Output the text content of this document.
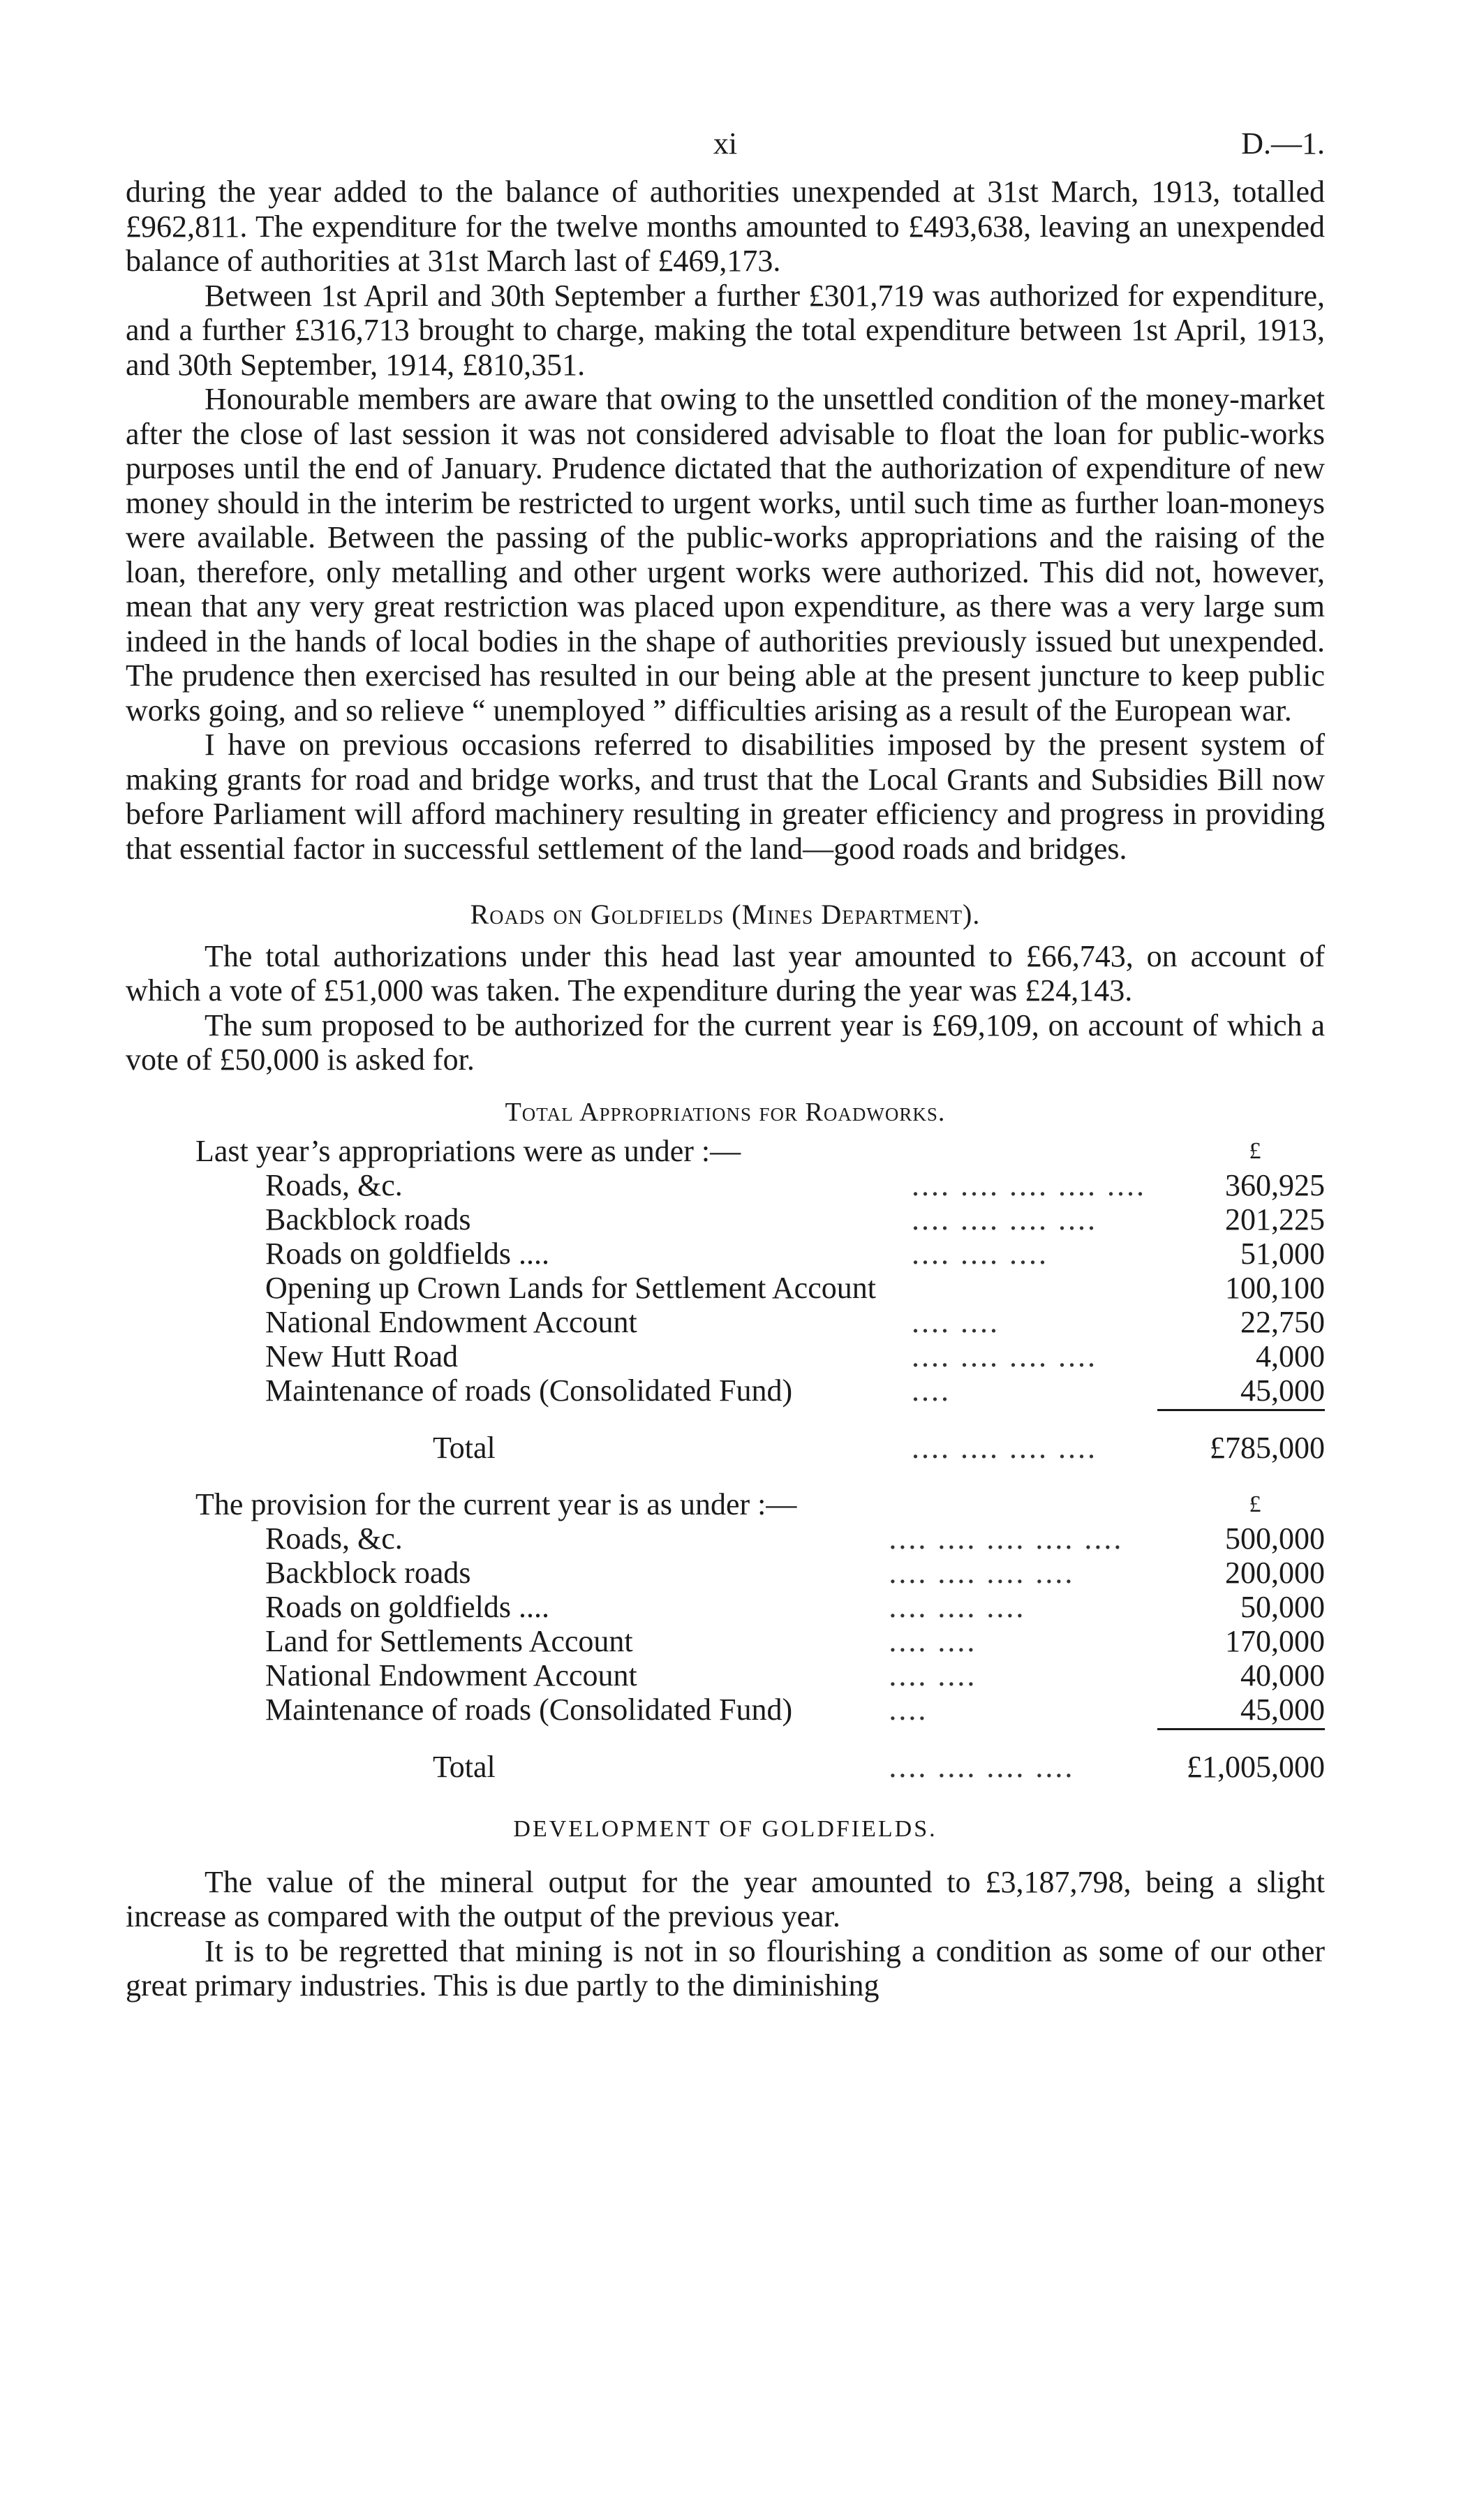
xi	D.—1.

during the year added to the balance of authorities unexpended at 31st March, 1913, totalled £962,811. The expenditure for the twelve months amounted to £493,638, leaving an unexpended balance of authorities at 31st March last of £469,173.

Between 1st April and 30th September a further £301,719 was authorized for expenditure, and a further £316,713 brought to charge, making the total expenditure between 1st April, 1913, and 30th September, 1914, £810,351.

Honourable members are aware that owing to the unsettled condition of the money-market after the close of last session it was not considered advisable to float the loan for public-works purposes until the end of January. Prudence dictated that the authorization of expenditure of new money should in the interim be restricted to urgent works, until such time as further loan-moneys were available. Between the passing of the public-works appropriations and the raising of the loan, therefore, only metalling and other urgent works were authorized. This did not, however, mean that any very great restriction was placed upon expenditure, as there was a very large sum indeed in the hands of local bodies in the shape of authorities previously issued but unexpended. The prudence then exercised has resulted in our being able at the present juncture to keep public works going, and so relieve “ unemployed ” difficulties arising as a result of the European war.

I have on previous occasions referred to disabilities imposed by the present system of making grants for road and bridge works, and trust that the Local Grants and Subsidies Bill now before Parliament will afford machinery resulting in greater efficiency and progress in providing that essential factor in successful settlement of the land—good roads and bridges.

Roads on Goldfields (Mines Department).

The total authorizations under this head last year amounted to £66,743, on account of which a vote of £51,000 was taken. The expenditure during the year was £24,143.

The sum proposed to be authorized for the current year is £69,109, on account of which a vote of £50,000 is asked for.

Total Appropriations for Roadworks.
Last year’s appropriations were as under :—		£
Roads, &c.	.... .... .... .... ....	360,925
Backblock roads	.... .... .... ....	201,225
Roads on goldfields ....	.... .... ....	51,000
Opening up Crown Lands for Settlement Account		100,100
National Endowment Account	.... ....	22,750
New Hutt Road	.... .... .... ....	4,000
Maintenance of roads (Consolidated Fund)	....	45,000
Total	.... .... .... ....	£785,000
The provision for the current year is as under :—		£
Roads, &c.	.... .... .... .... ....	500,000
Backblock roads	.... .... .... ....	200,000
Roads on goldfields ....	.... .... ....	50,000
Land for Settlements Account	.... ....	170,000
National Endowment Account	.... ....	40,000
Maintenance of roads (Consolidated Fund)	....	45,000
Total	.... .... .... ....	£1,005,000
DEVELOPMENT OF GOLDFIELDS.

The value of the mineral output for the year amounted to £3,187,798, being a slight increase as compared with the output of the previous year.

It is to be regretted that mining is not in so flourishing a condition as some of our other great primary industries. This is due partly to the diminishing
